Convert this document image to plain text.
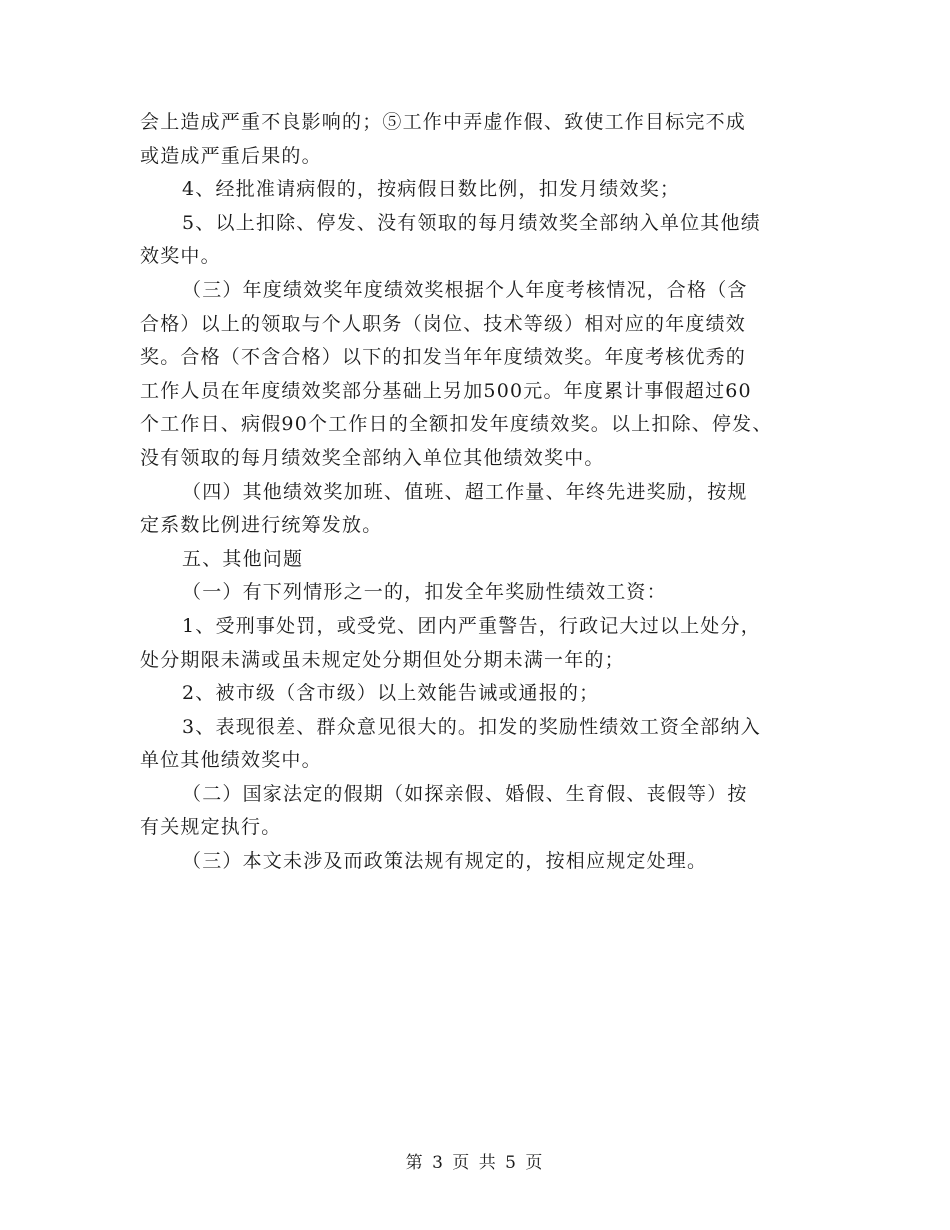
会上造成严重不良影响的；⑤工作中弄虚作假、致使工作目标完不成
或造成严重后果的。
4、经批准请病假的，按病假日数比例，扣发月绩效奖；
5、以上扣除、停发、没有领取的每月绩效奖全部纳入单位其他绩
效奖中。
（三）年度绩效奖年度绩效奖根据个人年度考核情况，合格（含
合格）以上的领取与个人职务（岗位、技术等级）相对应的年度绩效
奖。合格（不含合格）以下的扣发当年年度绩效奖。年度考核优秀的
工作人员在年度绩效奖部分基础上另加500元。年度累计事假超过60
个工作日、病假90个工作日的全额扣发年度绩效奖。以上扣除、停发、
没有领取的每月绩效奖全部纳入单位其他绩效奖中。
（四）其他绩效奖加班、值班、超工作量、年终先进奖励，按规
定系数比例进行统筹发放。
五、其他问题
（一）有下列情形之一的，扣发全年奖励性绩效工资：
1、受刑事处罚，或受党、团内严重警告，行政记大过以上处分，
处分期限未满或虽未规定处分期但处分期未满一年的；
2、被市级（含市级）以上效能告诫或通报的；
3、表现很差、群众意见很大的。扣发的奖励性绩效工资全部纳入
单位其他绩效奖中。
（二）国家法定的假期（如探亲假、婚假、生育假、丧假等）按
有关规定执行。
（三）本文未涉及而政策法规有规定的，按相应规定处理。
第 3 页 共 5 页
